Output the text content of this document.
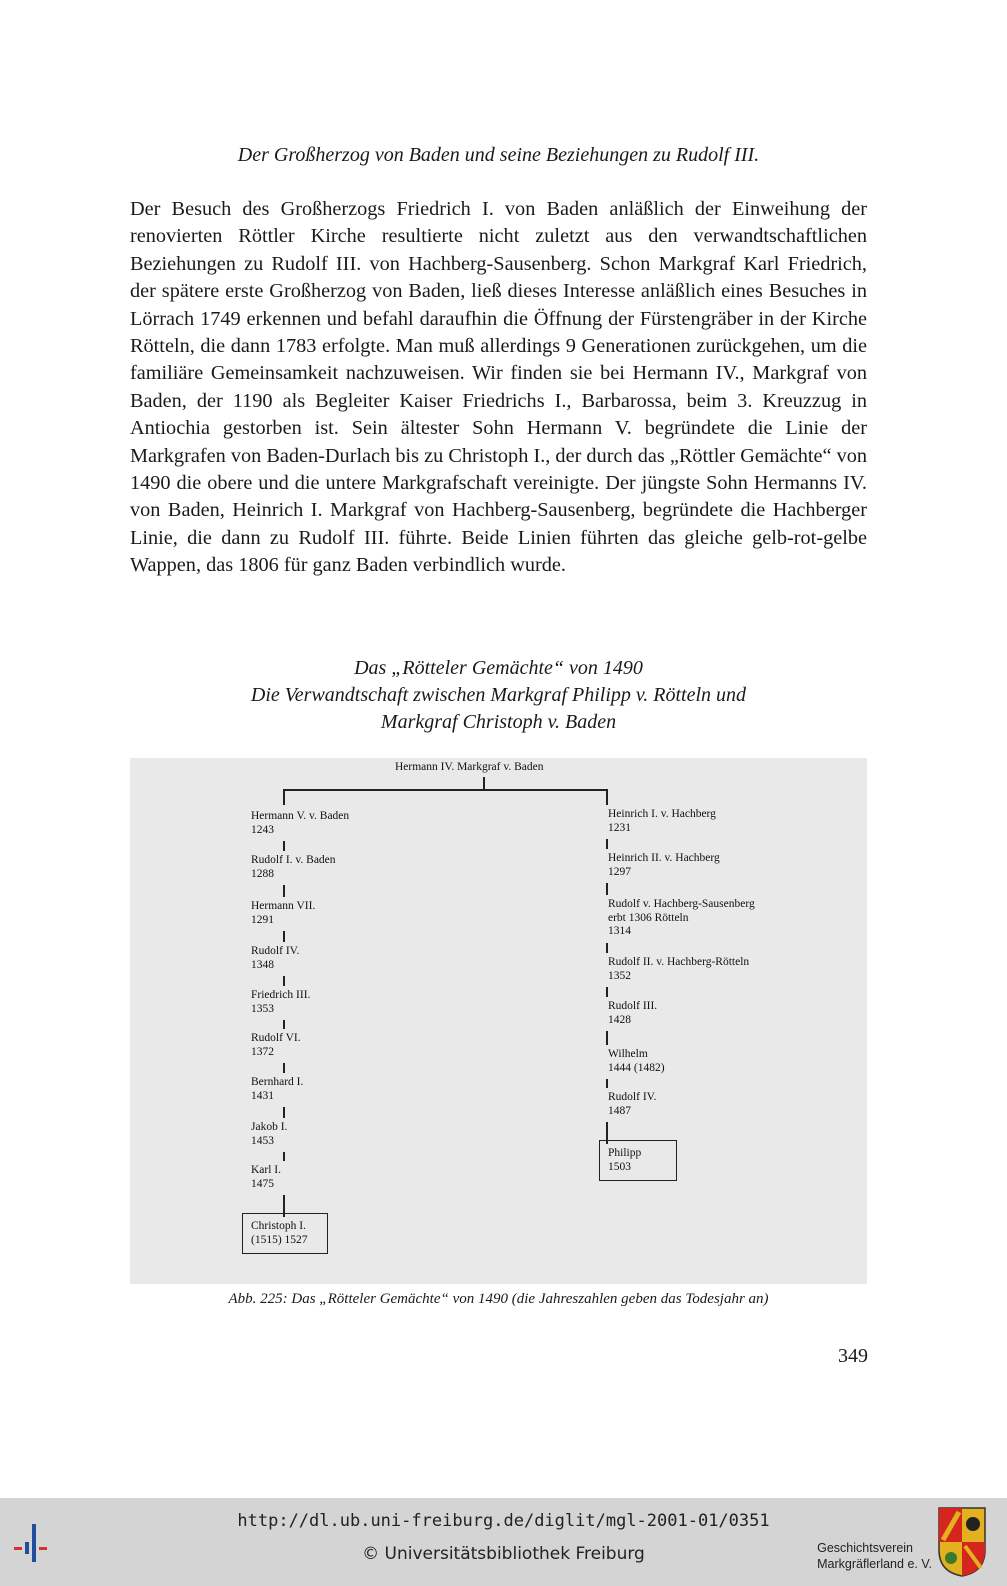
Der Großherzog von Baden und seine Beziehungen zu Rudolf III.

Der Besuch des Großherzogs Friedrich I. von Baden anläßlich der Einweihung der renovierten Röttler Kirche resultierte nicht zuletzt aus den verwandtschaftlichen Beziehungen zu Rudolf III. von Hachberg-Sausenberg. Schon Markgraf Karl Friedrich, der spätere erste Großherzog von Baden, ließ dieses Interesse anläßlich eines Besuches in Lörrach 1749 erkennen und befahl daraufhin die Öffnung der Fürstengräber in der Kirche Rötteln, die dann 1783 erfolgte. Man muß allerdings 9 Generationen zurückgehen, um die familiäre Gemeinsamkeit nachzuweisen. Wir finden sie bei Hermann IV., Markgraf von Baden, der 1190 als Begleiter Kaiser Friedrichs I., Barbarossa, beim 3. Kreuzzug in Antiochia gestorben ist. Sein ältester Sohn Hermann V. begründete die Linie der Markgrafen von Baden-Durlach bis zu Christoph I., der durch das „Röttler Gemächte“ von 1490 die obere und die untere Markgrafschaft vereinigte. Der jüngste Sohn Hermanns IV. von Baden, Heinrich I. Markgraf von Hachberg-Sausenberg, begründete die Hachberger Linie, die dann zu Rudolf III. führte. Beide Linien führten das gleiche gelb-rot-gelbe Wappen, das 1806 für ganz Baden verbindlich wurde.

Das „Rötteler Gemächte“ von 1490
Die Verwandtschaft zwischen Markgraf Philipp v. Rötteln und
Markgraf Christoph v. Baden
Hermann IV. Markgraf v. Baden
Hermann V. v. Baden
1243
Rudolf I. v. Baden
1288
Hermann VII.
1291
Rudolf IV.
1348
Friedrich III.
1353
Rudolf VI.
1372
Bernhard I.
1431
Jakob I.
1453
Karl I.
1475
Christoph I.
(1515) 1527
Heinrich I. v. Hachberg
1231
Heinrich II. v. Hachberg
1297
Rudolf v. Hachberg-Sausenberg
erbt 1306 Rötteln
1314
Rudolf II. v. Hachberg-Rötteln
1352
Rudolf III.
1428
Wilhelm
1444 (1482)
Rudolf IV.
1487
Philipp
1503
Abb. 225: Das „Rötteler Gemächte“ von 1490 (die Jahreszahlen geben das Todesjahr an)
349
http://dl.ub.uni-freiburg.de/diglit/mgl-2001-01/0351
© Universitätsbibliothek Freiburg	Geschichtsverein
Markgräflerland e. V.
